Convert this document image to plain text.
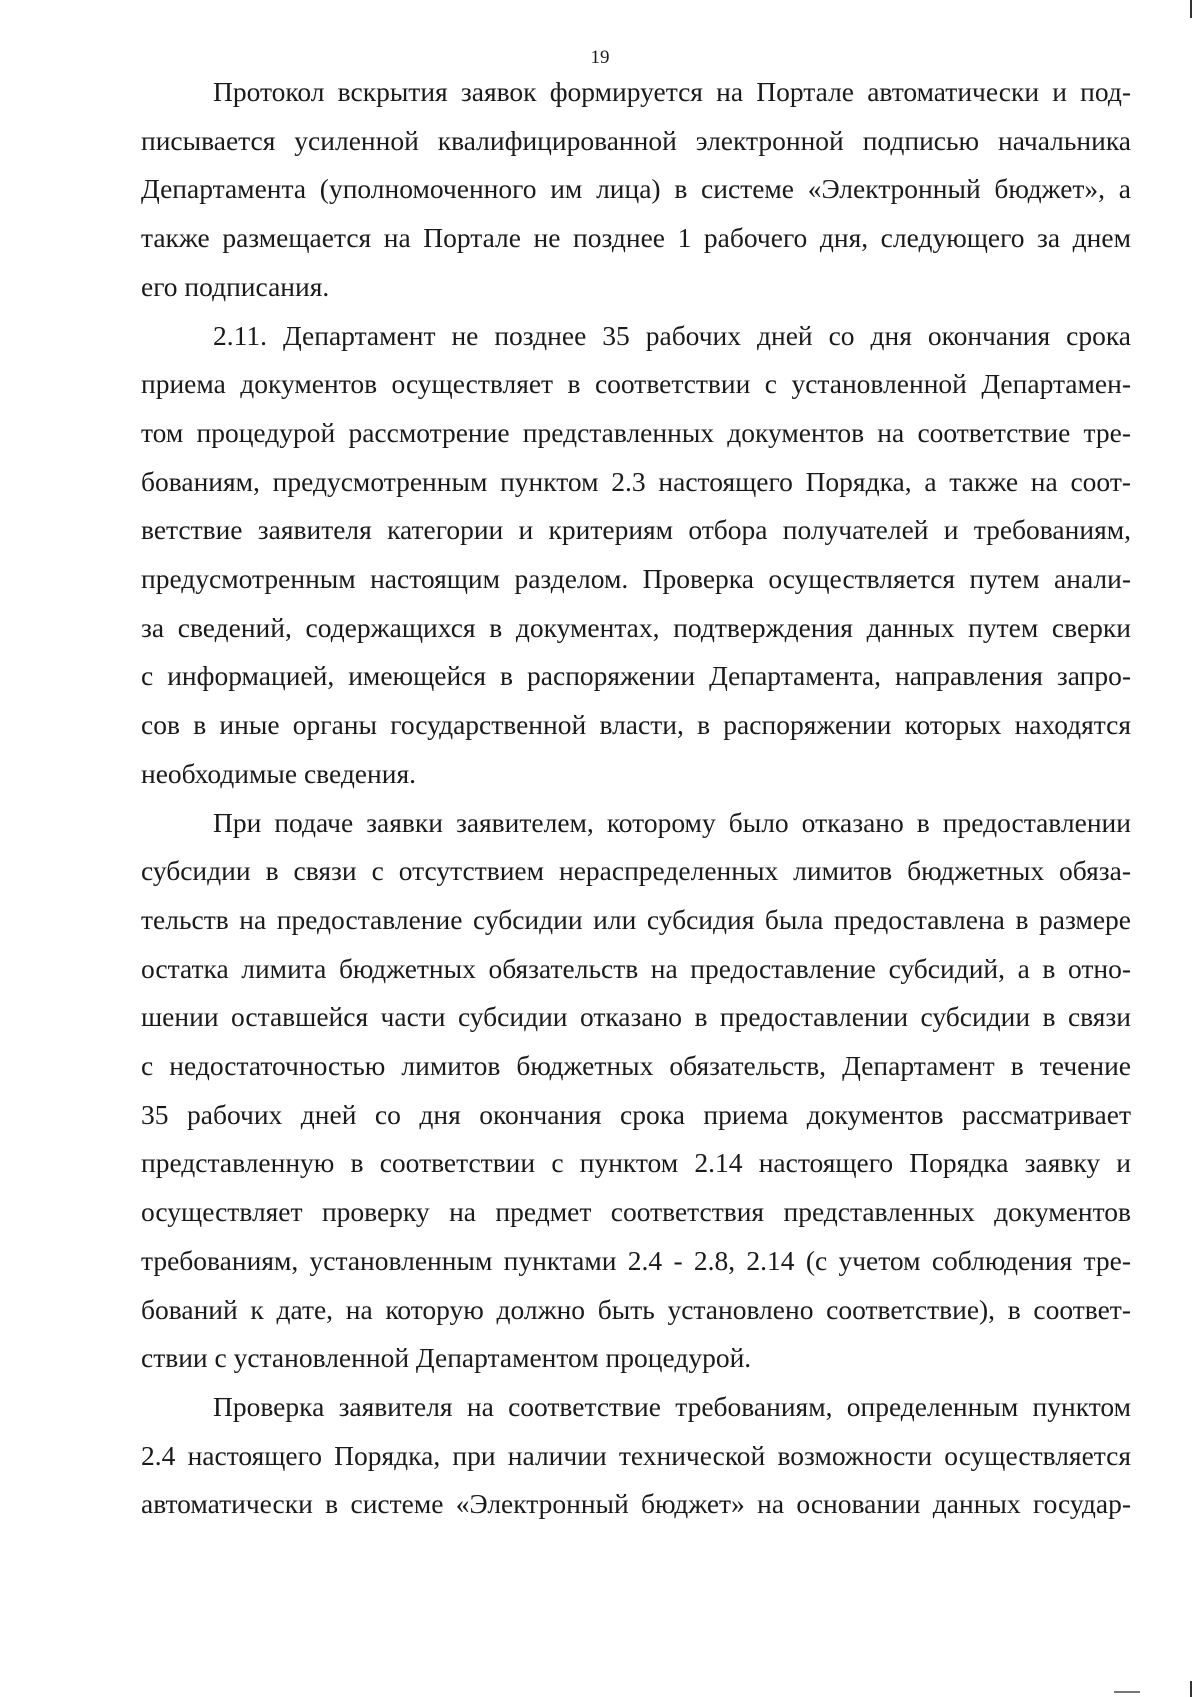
19
Протокол вскрытия заявок формируется на Портале автоматически и под-
писывается усиленной квалифицированной электронной подписью начальника
Департамента (уполномоченного им лица) в системе «Электронный бюджет», а
также размещается на Портале не позднее 1 рабочего дня, следующего за днем
его подписания.
2.11. Департамент не позднее 35 рабочих дней со дня окончания срока
приема документов осуществляет в соответствии с установленной Департамен-
том процедурой рассмотрение представленных документов на соответствие тре-
бованиям, предусмотренным пунктом 2.3 настоящего Порядка, а также на соот-
ветствие заявителя категории и критериям отбора получателей и требованиям,
предусмотренным настоящим разделом. Проверка осуществляется путем анали-
за сведений, содержащихся в документах, подтверждения данных путем сверки
с информацией, имеющейся в распоряжении Департамента, направления запро-
сов в иные органы государственной власти, в распоряжении которых находятся
необходимые сведения.
При подаче заявки заявителем, которому было отказано в предоставлении
субсидии в связи с отсутствием нераспределенных лимитов бюджетных обяза-
тельств на предоставление субсидии или субсидия была предоставлена в размере
остатка лимита бюджетных обязательств на предоставление субсидий, а в отно-
шении оставшейся части субсидии отказано в предоставлении субсидии в связи
с недостаточностью лимитов бюджетных обязательств, Департамент в течение
35 рабочих дней со дня окончания срока приема документов рассматривает
представленную в соответствии с пунктом 2.14 настоящего Порядка заявку и
осуществляет проверку на предмет соответствия представленных документов
требованиям, установленным пунктами 2.4 - 2.8, 2.14 (с учетом соблюдения тре-
бований к дате, на которую должно быть установлено соответствие), в соответ-
ствии с установленной Департаментом процедурой.
Проверка заявителя на соответствие требованиям, определенным пунктом
2.4 настоящего Порядка, при наличии технической возможности осуществляется
автоматически в системе «Электронный бюджет» на основании данных государ-
